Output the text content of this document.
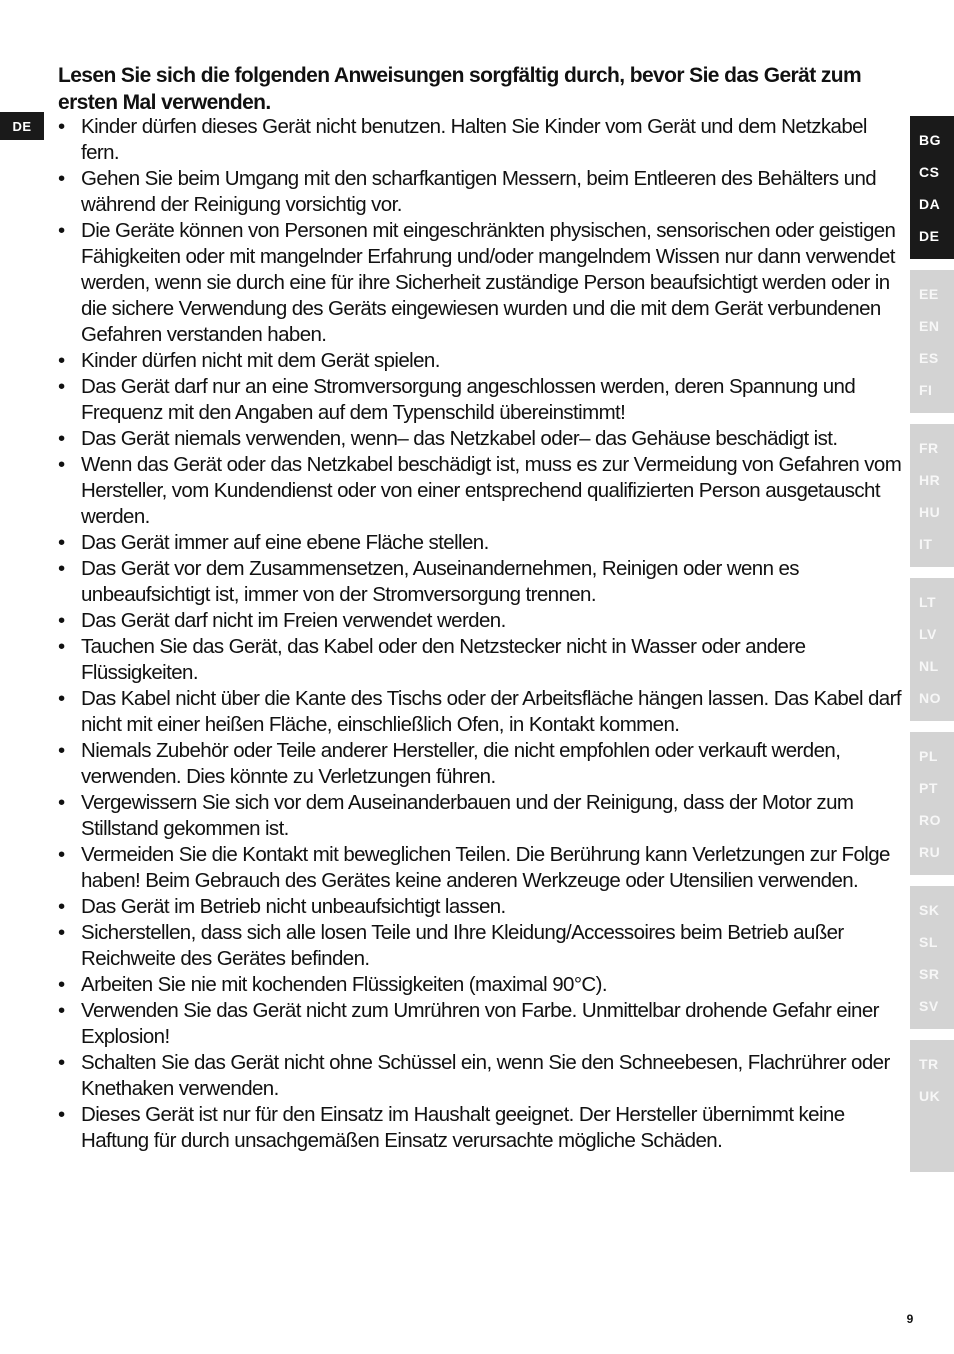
DE
Lesen Sie sich die folgenden Anweisungen sorgfältig durch, bevor Sie das Gerät zum ersten Mal verwenden.
• Kinder dürfen dieses Gerät nicht benutzen. Halten Sie Kinder vom Gerät und dem Netzkabel fern.
• Gehen Sie beim Umgang mit den scharfkantigen Messern, beim Entleeren des Behälters und während der Reinigung vorsichtig vor.
• Die Geräte können von Personen mit eingeschränkten physischen, sensorischen oder geistigen Fähigkeiten oder mit mangelnder Erfahrung und/oder mangelndem Wissen nur dann verwendet werden, wenn sie durch eine für ihre Sicherheit zuständige Person beaufsichtigt werden oder in die sichere Verwendung des Geräts eingewiesen wurden und die mit dem Gerät verbundenen Gefahren verstanden haben.
• Kinder dürfen nicht mit dem Gerät spielen.
• Das Gerät darf nur an eine Stromversorgung angeschlossen werden, deren Spannung und Frequenz mit den Angaben auf dem Typenschild übereinstimmt!
• Das Gerät niemals verwenden, wenn– das Netzkabel oder– das Gehäuse beschädigt ist.
• Wenn das Gerät oder das Netzkabel beschädigt ist, muss es zur Vermeidung von Gefahren vom Hersteller, vom Kundendienst oder von einer entsprechend qualifizierten Person ausgetauscht werden.
• Das Gerät immer auf eine ebene Fläche stellen.
• Das Gerät vor dem Zusammensetzen, Auseinandernehmen, Reinigen oder wenn es unbeaufsichtigt ist, immer von der Stromversorgung trennen.
• Das Gerät darf nicht im Freien verwendet werden.
• Tauchen Sie das Gerät, das Kabel oder den Netzstecker nicht in Wasser oder andere Flüssigkeiten.
• Das Kabel nicht über die Kante des Tischs oder der Arbeitsfläche hängen lassen. Das Kabel darf nicht mit einer heißen Fläche, einschließlich Ofen, in Kontakt kommen.
• Niemals Zubehör oder Teile anderer Hersteller, die nicht empfohlen oder verkauft werden, verwenden. Dies könnte zu Verletzungen führen.
• Vergewissern Sie sich vor dem Auseinanderbauen und der Reinigung, dass der Motor zum Stillstand gekommen ist.
• Vermeiden Sie die Kontakt mit beweglichen Teilen. Die Berührung kann Verletzungen zur Folge haben! Beim Gebrauch des Gerätes keine anderen Werkzeuge oder Utensilien verwenden.
• Das Gerät im Betrieb nicht unbeaufsichtigt lassen.
• Sicherstellen, dass sich alle losen Teile und Ihre Kleidung/Accessoires beim Betrieb außer Reichweite des Gerätes befinden.
• Arbeiten Sie nie mit kochenden Flüssigkeiten (maximal 90°C).
• Verwenden Sie das Gerät nicht zum Umrühren von Farbe. Unmittelbar drohende Gefahr einer Explosion!
• Schalten Sie das Gerät nicht ohne Schüssel ein, wenn Sie den Schneebesen, Flachrührer oder Knethaken verwenden.
• Dieses Gerät ist nur für den Einsatz im Haushalt geeignet. Der Hersteller übernimmt keine Haftung für durch unsachgemäßen Einsatz verursachte mögliche Schäden.
BG
CS
DA
DE
EE
EN
ES
FI
FR
HR
HU
IT
LT
LV
NL
NO
PL
PT
RO
RU
SK
SL
SR
SV
TR
UK
9
